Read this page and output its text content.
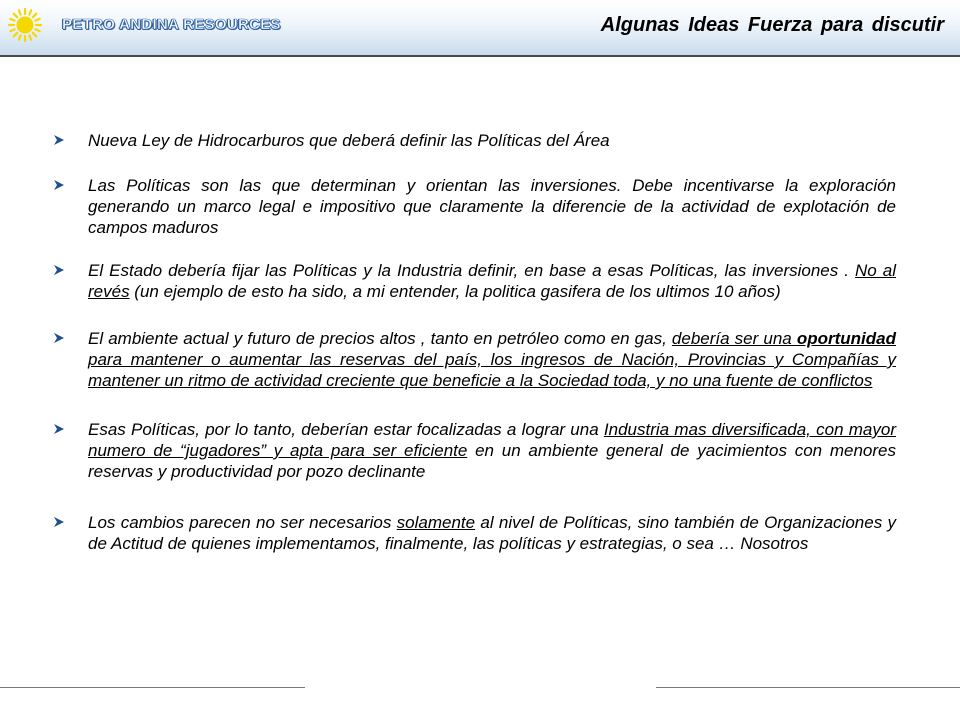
PETRO ANDINA RESOURCES	Algunas Ideas Fuerza para discutir
Nueva Ley de Hidrocarburos que deberá definir las Políticas del Área
Las Políticas son las que determinan y orientan las inversiones. Debe incentivarse la exploración generando un marco legal e impositivo que claramente la diferencie de la actividad de explotación de campos maduros
El Estado debería fijar las Políticas y la Industria definir, en base a esas Políticas, las inversiones . No al revés (un ejemplo de esto ha sido, a mi entender, la politica gasifera de los ultimos 10 años)
El ambiente actual y futuro de precios altos , tanto en petróleo como en gas, debería ser una oportunidad para mantener o aumentar las reservas del país, los ingresos de Nación, Provincias y Compañías y mantener un ritmo de actividad creciente que beneficie a la Sociedad toda, y no una fuente de conflictos
Esas Políticas, por lo tanto, deberían estar focalizadas a lograr una Industria mas diversificada, con mayor numero de “jugadores” y apta para ser eficiente en un ambiente general de yacimientos con menores reservas y productividad por pozo declinante
Los cambios parecen no ser necesarios solamente al nivel de Políticas, sino también de Organizaciones y de Actitud de quienes implementamos, finalmente, las políticas y estrategias, o sea … Nosotros
